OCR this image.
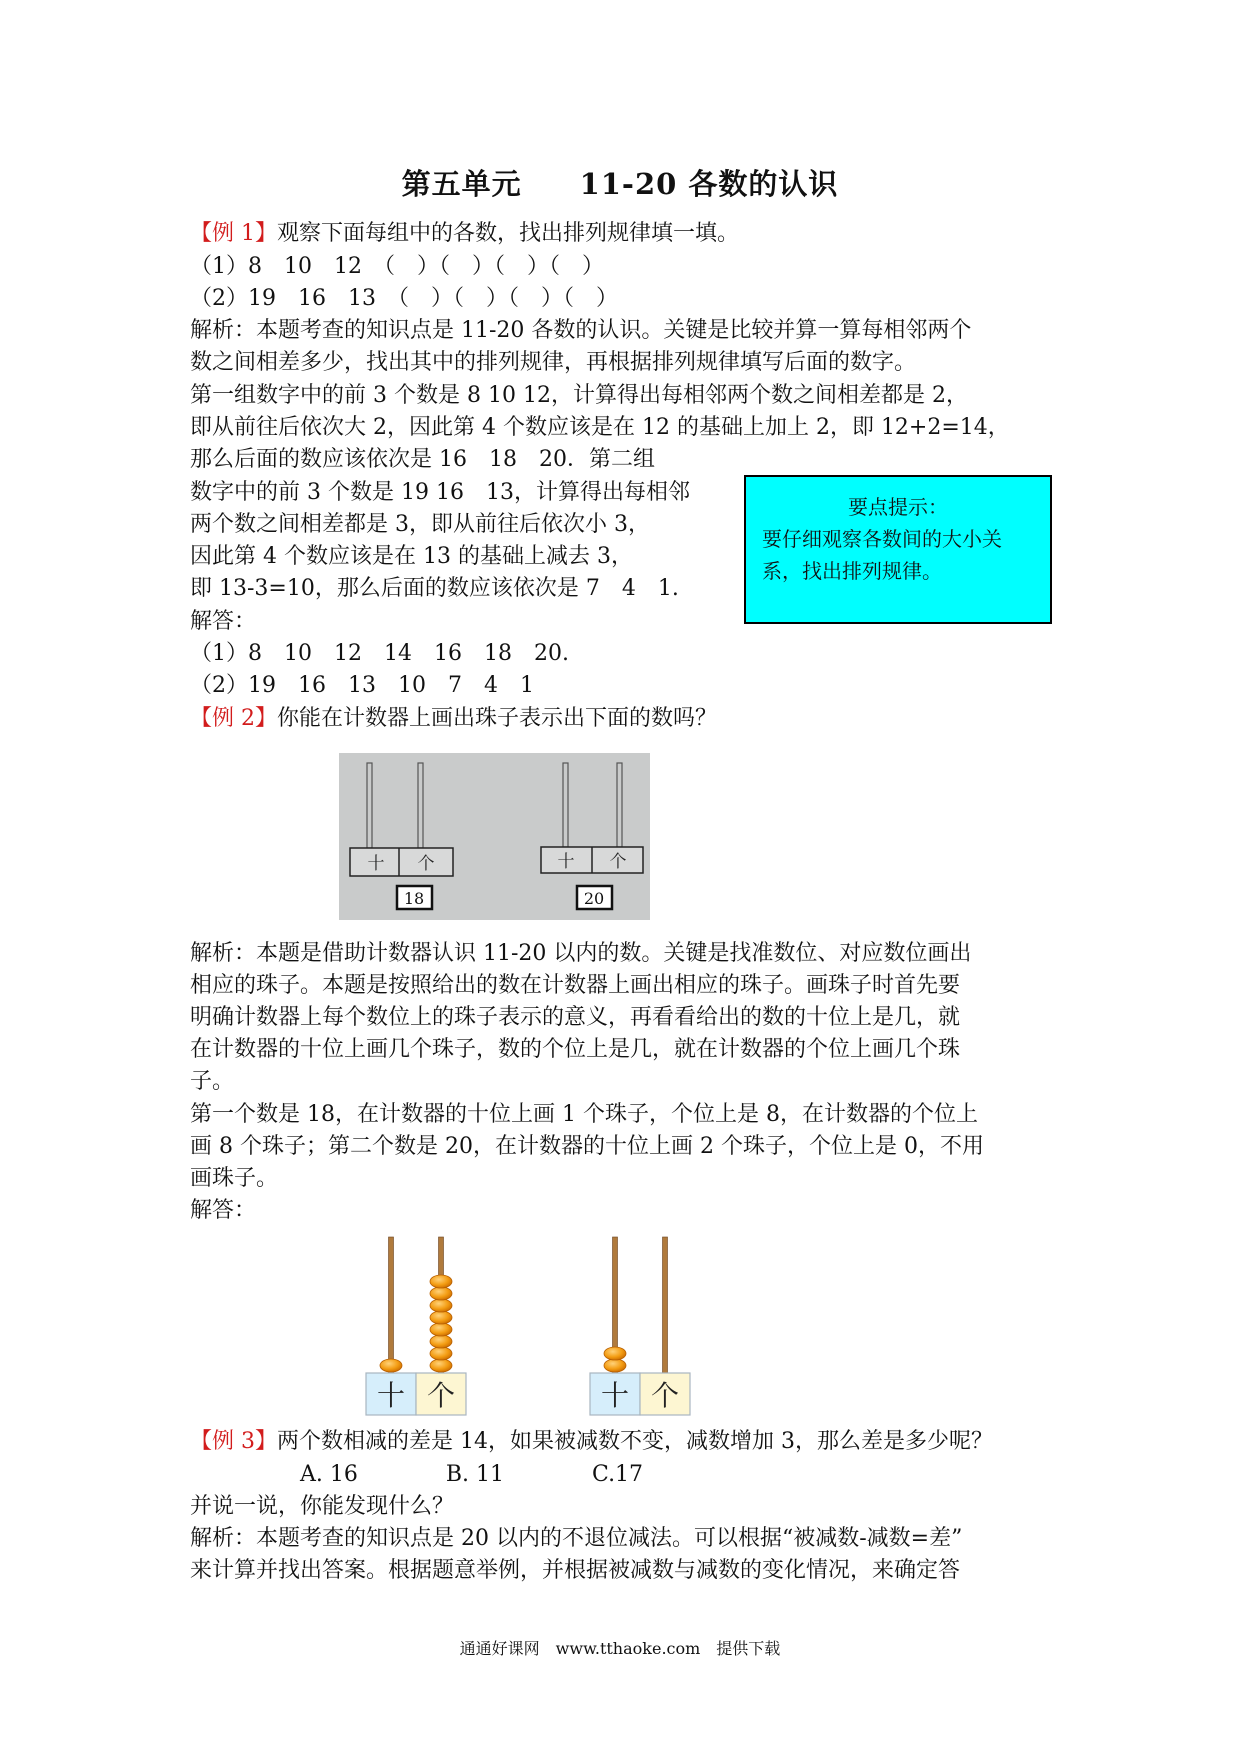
第五单元 11-20 各数的认识
【例 1】观察下面每组中的各数，找出排列规律填一填。
（1）8　10　12　（　）（　）（　）（　）
（2）19　16　13　（　）（　）（　）（　）
解析：本题考查的知识点是 11-20 各数的认识。关键是比较并算一算每相邻两个
数之间相差多少，找出其中的排列规律，再根据排列规律填写后面的数字。
第一组数字中的前 3 个数是 8 10 12，计算得出每相邻两个数之间相差都是 2，
即从前往后依次大 2，因此第 4 个数应该是在 12 的基础上加上 2，即 12+2=14，
那么后面的数应该依次是 16　18　20．第二组
数字中的前 3 个数是 19 16　13，计算得出每相邻
两个数之间相差都是 3，即从前往后依次小 3，
因此第 4 个数应该是在 13 的基础上减去 3，
即 13-3=10，那么后面的数应该依次是 7　4　1.
解答：
（1）8　10　12　14　16　18　20.
（2）19　16　13　10　7　4　1
要点提示：
要仔细观察各数间的大小关
系，找出排列规律。
【例 2】你能在计数器上画出珠子表示出下面的数吗？
十 个
18
十 个
20
解析：本题是借助计数器认识 11-20 以内的数。关键是找准数位、对应数位画出
相应的珠子。本题是按照给出的数在计数器上画出相应的珠子。画珠子时首先要
明确计数器上每个数位上的珠子表示的意义，再看看给出的数的十位上是几，就
在计数器的十位上画几个珠子，数的个位上是几，就在计数器的个位上画几个珠
子。
第一个数是 18，在计数器的十位上画 1 个珠子，个位上是 8，在计数器的个位上
画 8 个珠子；第二个数是 20，在计数器的十位上画 2 个珠子，个位上是 0，不用
画珠子。
解答：
十 个	十 个
【例 3】两个数相减的差是 14，如果被减数不变，减数增加 3，那么差是多少呢？
A. 16　　　　B. 11　　　　C.17
并说一说，你能发现什么？
解析：本题考查的知识点是 20 以内的不退位减法。可以根据“被减数-减数=差”
来计算并找出答案。根据题意举例，并根据被减数与减数的变化情况，来确定答
通通好课网　www.tthaoke.com　提供下载
